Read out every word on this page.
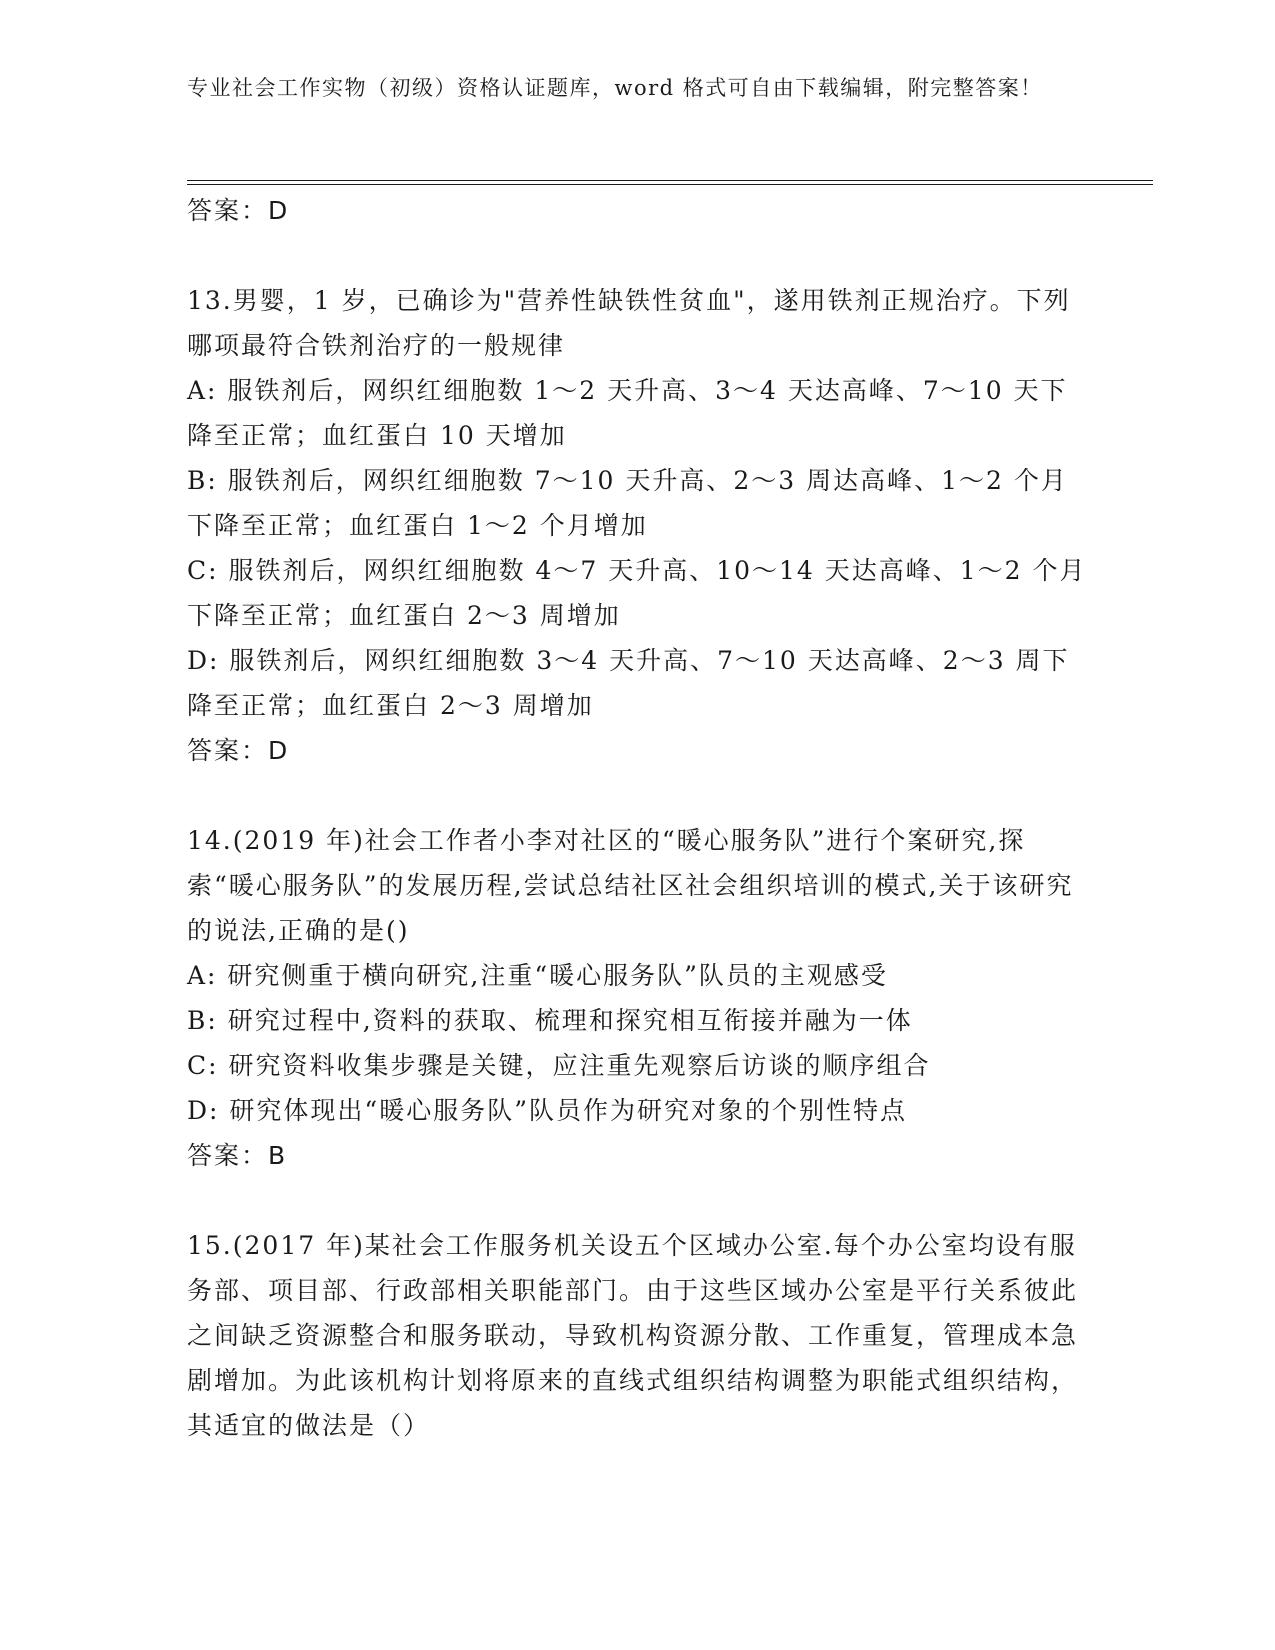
专业社会工作实物（初级）资格认证题库，word 格式可自由下载编辑，附完整答案！

答案：D

13.男婴，1 岁，已确诊为"营养性缺铁性贫血"，遂用铁剂正规治疗。下列哪项最符合铁剂治疗的一般规律

A: 服铁剂后，网织红细胞数 1～2 天升高、3～4 天达高峰、7～10 天下降至正常；血红蛋白 10 天增加

B: 服铁剂后，网织红细胞数 7～10 天升高、2～3 周达高峰、1～2 个月下降至正常；血红蛋白 1～2 个月增加

C: 服铁剂后，网织红细胞数 4～7 天升高、10～14 天达高峰、1～2 个月下降至正常；血红蛋白 2～3 周增加

D: 服铁剂后，网织红细胞数 3～4 天升高、7～10 天达高峰、2～3 周下降至正常；血红蛋白 2～3 周增加

答案：D

14.(2019 年)社会工作者小李对社区的“暖心服务队”进行个案研究,探索“暖心服务队”的发展历程,尝试总结社区社会组织培训的模式,关于该研究的说法,正确的是()

A: 研究侧重于横向研究,注重“暖心服务队”队员的主观感受

B: 研究过程中,资料的获取、梳理和探究相互衔接并融为一体

C: 研究资料收集步骤是关键，应注重先观察后访谈的顺序组合

D: 研究体现出“暖心服务队”队员作为研究对象的个别性特点

答案：B

15.(2017 年)某社会工作服务机关设五个区域办公室.每个办公室均设有服务部、项目部、行政部相关职能部门。由于这些区域办公室是平行关系彼此之间缺乏资源整合和服务联动，导致机构资源分散、工作重复，管理成本急剧增加。为此该机构计划将原来的直线式组织结构调整为职能式组织结构，其适宜的做法是（）
